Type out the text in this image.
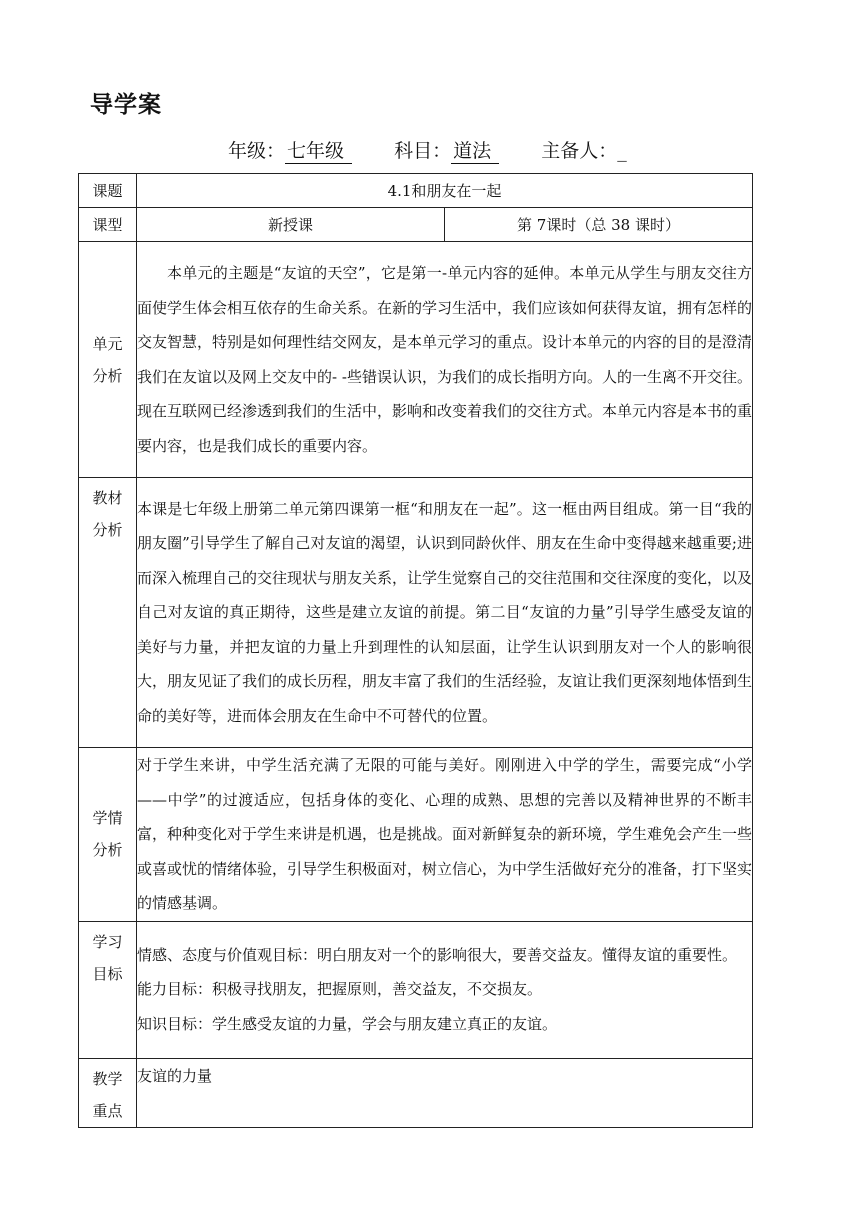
导学案
年级： 七年级	科目： 道法	主备人：_
课题	4.1和朋友在一起	
课型	新授课	第 7课时（总 38 课时）
单元分析	本单元的主题是“友谊的天空”，它是第一-单元内容的延伸。本单元从学生与朋友交往方面使学生体会相互依存的生命关系。在新的学习生活中，我们应该如何获得友谊，拥有怎样的交友智慧，特别是如何理性结交网友，是本单元学习的重点。设计本单元的内容的目的是澄清我们在友谊以及网上交友中的- -些错误认识，为我们的成长指明方向。人的一生离不开交往。现在互联网已经渗透到我们的生活中，影响和改变着我们的交往方式。本单元内容是本书的重要内容，也是我们成长的重要内容。	

教材分析	本课是七年级上册第二单元第四课第一框“和朋友在一起”。这一框由两目组成。第一目“我的朋友圈”引导学生了解自己对友谊的渴望，认识到同龄伙伴、朋友在生命中变得越来越重要;进而深入梳理自己的交往现状与朋友关系，让学生觉察自己的交往范围和交往深度的变化，以及自己对友谊的真正期待，这些是建立友谊的前提。第二目“友谊的力量”引导学生感受友谊的美好与力量，并把友谊的力量上升到理性的认知层面，让学生认识到朋友对一个人的影响很大，朋友见证了我们的成长历程，朋友丰富了我们的生活经验，友谊让我们更深刻地体悟到生命的美好等，进而体会朋友在生命中不可替代的位置。	

学情分析	对于学生来讲，中学生活充满了无限的可能与美好。刚刚进入中学的学生，需要完成“小学——中学”的过渡适应，包括身体的变化、心理的成熟、思想的完善以及精神世界的不断丰富，种种变化对于学生来讲是机遇，也是挑战。面对新鲜复杂的新环境，学生难免会产生一些或喜或忧的情绪体验，引导学生积极面对，树立信心，为中学生活做好充分的准备，打下坚实的情感基调。	

学习目标	情感、态度与价值观目标：明白朋友对一个的影响很大，要善交益友。懂得友谊的重要性。

能力目标：积极寻找朋友，把握原则，善交益友，不交损友。

知识目标：学生感受友谊的力量，学会与朋友建立真正的友谊。	

教学重点	友谊的力量	
